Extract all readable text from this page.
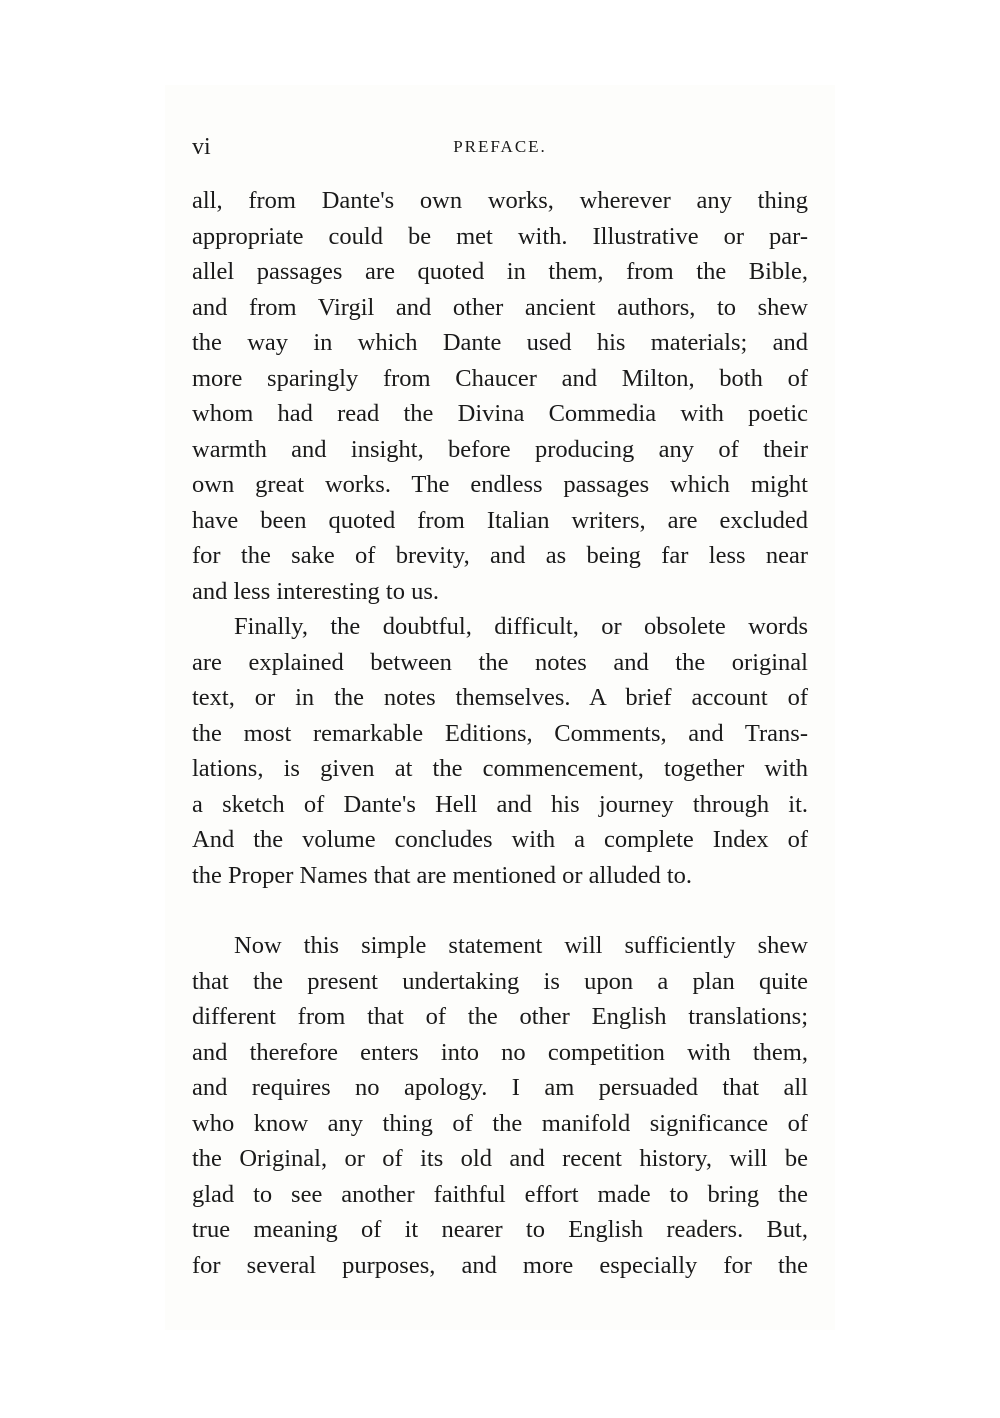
vi	PREFACE.
all, from Dante's own works, wherever any thing
appropriate could be met with. Illustrative or par-
allel passages are quoted in them, from the Bible,
and from Virgil and other ancient authors, to shew
the way in which Dante used his materials; and
more sparingly from Chaucer and Milton, both of
whom had read the Divina Commedia with poetic
warmth and insight, before producing any of their
own great works. The endless passages which might
have been quoted from Italian writers, are excluded
for the sake of brevity, and as being far less near
and less interesting to us.
Finally, the doubtful, difficult, or obsolete words
are explained between the notes and the original
text, or in the notes themselves. A brief account of
the most remarkable Editions, Comments, and Trans-
lations, is given at the commencement, together with
a sketch of Dante's Hell and his journey through it.
And the volume concludes with a complete Index of
the Proper Names that are mentioned or alluded to.
Now this simple statement will sufficiently shew
that the present undertaking is upon a plan quite
different from that of the other English translations;
and therefore enters into no competition with them,
and requires no apology. I am persuaded that all
who know any thing of the manifold significance of
the Original, or of its old and recent history, will be
glad to see another faithful effort made to bring the
true meaning of it nearer to English readers. But,
for several purposes, and more especially for the
